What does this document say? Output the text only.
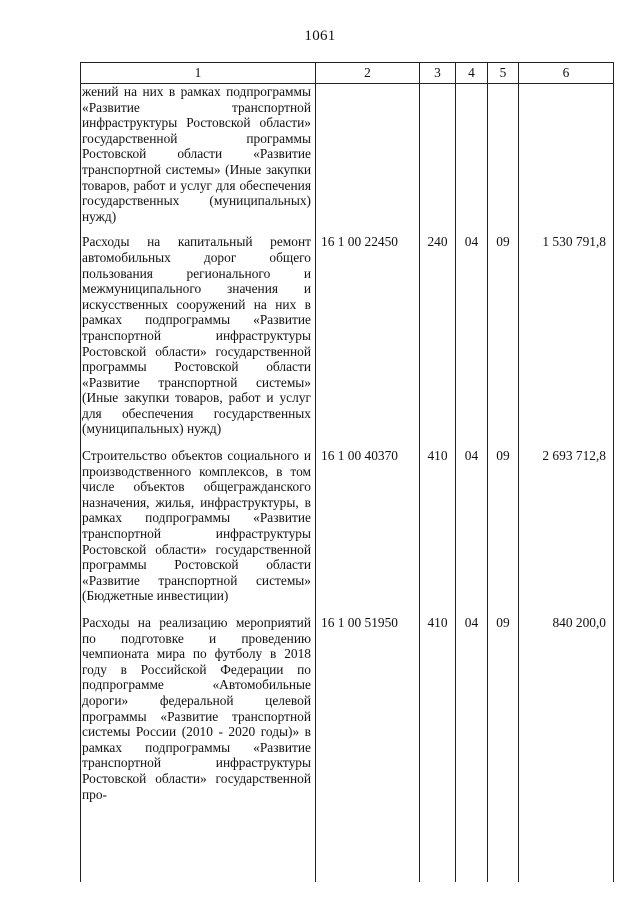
1061
1	2	3	4	5	6
жений на них в рамках подпрограммы «Развитие транспортной инфраструктуры Ростовской области» государственной программы Ростовской области «Развитие транспортной системы» (Иные закупки товаров, работ и услуг для обеспечения государственных (муниципальных) нужд)					
Расходы на капитальный ремонт автомобильных дорог общего пользования регионального и межмуниципального значения и искусственных сооружений на них в рамках подпрограммы «Развитие транспортной инфраструктуры Ростовской области» государственной программы Ростовской области «Развитие транспортной системы» (Иные закупки товаров, работ и услуг для обеспечения государственных (муниципальных) нужд)	16 1 00 22450	240	04	09	1 530 791,8
Строительство объектов социального и производственного комплексов, в том числе объектов общегражданского назначения, жилья, инфраструктуры, в рамках подпрограммы «Развитие транспортной инфраструктуры Ростовской области» государственной программы Ростовской области «Развитие транспортной системы» (Бюджетные инвестиции)	16 1 00 40370	410	04	09	2 693 712,8
Расходы на реализацию мероприятий по подготовке и проведению чемпионата мира по футболу в 2018 году в Российской Федерации по подпрограмме «Автомобильные дороги» федеральной целевой программы «Развитие транспортной системы России (2010 - 2020 годы)» в рамках подпрограммы «Развитие транспортной инфраструктуры Ростовской области» государственной про-	16 1 00 51950	410	04	09	840 200,0
